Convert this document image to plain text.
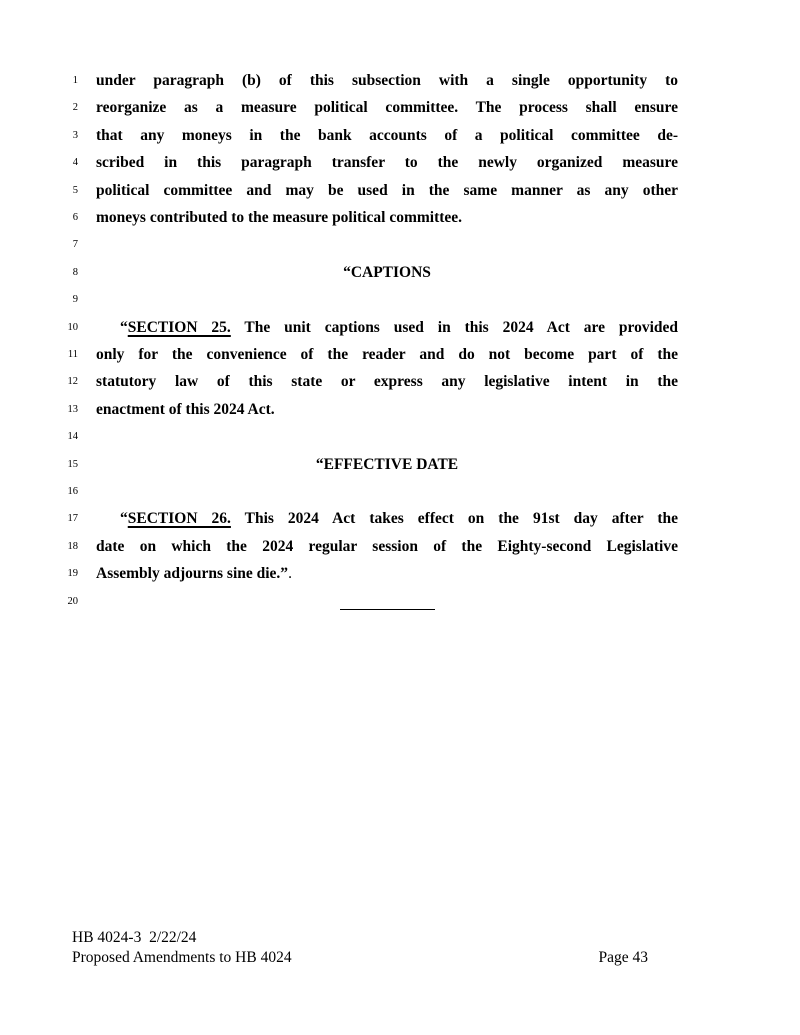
1 under paragraph (b) of this subsection with a single opportunity to
2 reorganize as a measure political committee. The process shall ensure
3 that any moneys in the bank accounts of a political committee de-
4 scribed in this paragraph transfer to the newly organized measure
5 political committee and may be used in the same manner as any other
6 moneys contributed to the measure political committee.
7
8	“CAPTIONS
9
10	“SECTION 25. The unit captions used in this 2024 Act are provided
11 only for the convenience of the reader and do not become part of the
12 statutory law of this state or express any legislative intent in the
13 enactment of this 2024 Act.
14
15	“EFFECTIVE DATE
16
17	“SECTION 26. This 2024 Act takes effect on the 91st day after the
18 date on which the 2024 regular session of the Eighty-second Legislative
19 Assembly adjourns sine die.”.
20
HB 4024-3  2/22/24
Proposed Amendments to HB 4024	Page 43
